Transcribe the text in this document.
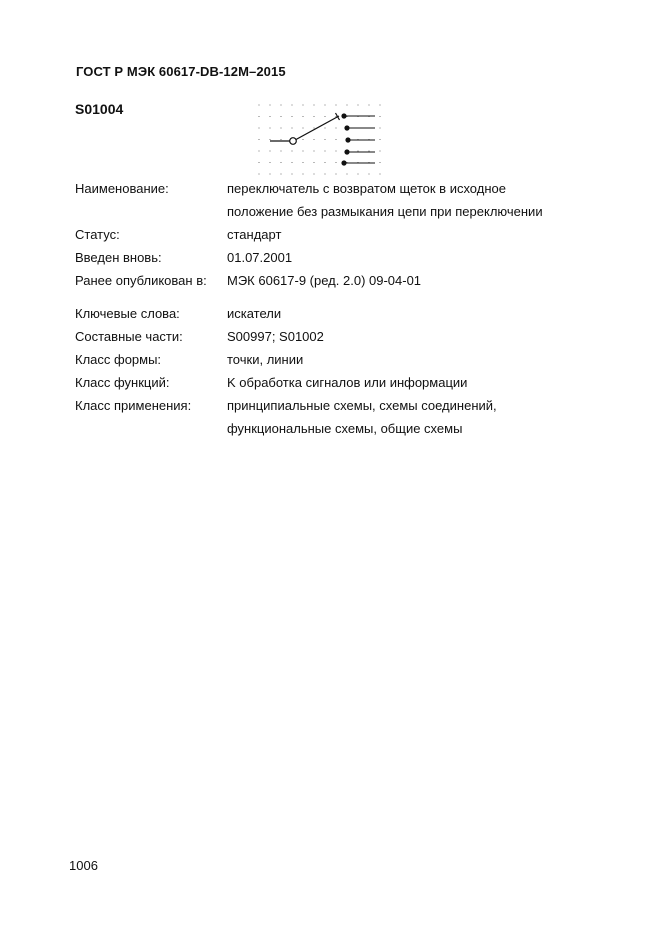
ГОСТ Р МЭК 60617-DB-12M–2015
S01004
Наименование:	переключатель с возвратом щеток в исходное
положение без размыкания цепи при переключении
Статус:	стандарт
Введен вновь:	01.07.2001
Ранее опубликован в: МЭК 60617-9 (ред. 2.0) 09-04-01
Ключевые слова:	искатели
Составные части:	S00997; S01002
Класс формы:	точки, линии
Класс функций:	K обработка сигналов или информации
Класс применения:	принципиальные схемы, схемы соединений,
функциональные схемы, общие схемы
1006
